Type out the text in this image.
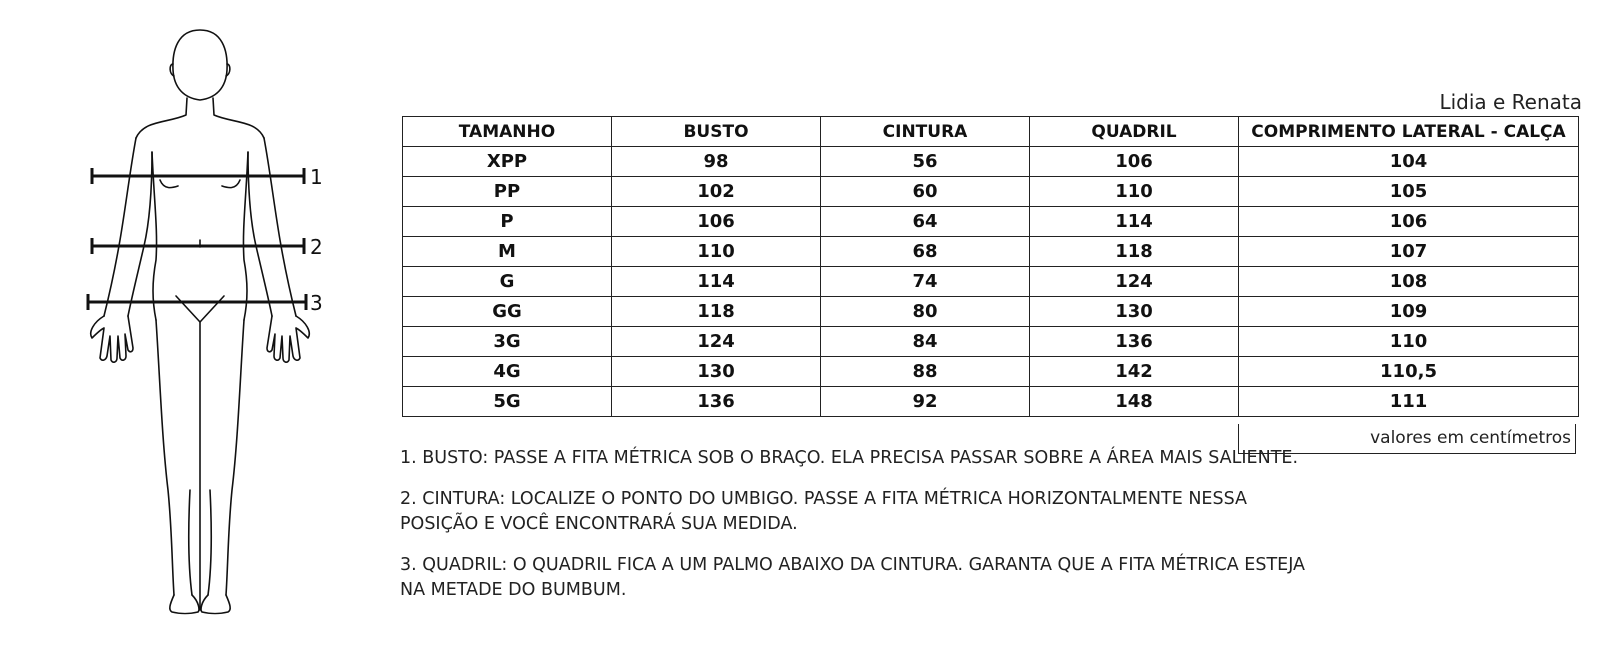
1
2
3
Lidia e Renata
TAMANHO	BUSTO	CINTURA	QUADRIL	COMPRIMENTO LATERAL - CALÇA
XPP	98	56	106	104
PP	102	60	110	105
P	106	64	114	106
M	110	68	118	107
G	114	74	124	108
GG	118	80	130	109
3G	124	84	136	110
4G	130	88	142	110,5
5G	136	92	148	111
valores em centímetros

1. BUSTO: PASSE A FITA MÉTRICA SOB O BRAÇO. ELA PRECISA PASSAR SOBRE A ÁREA MAIS SALIENTE.

2. CINTURA: LOCALIZE O PONTO DO UMBIGO. PASSE A FITA MÉTRICA HORIZONTALMENTE NESSA POSIÇÃO E VOCÊ ENCONTRARÁ SUA MEDIDA.

3. QUADRIL: O QUADRIL FICA A UM PALMO ABAIXO DA CINTURA. GARANTA QUE A FITA MÉTRICA ESTEJA NA METADE DO BUMBUM.
